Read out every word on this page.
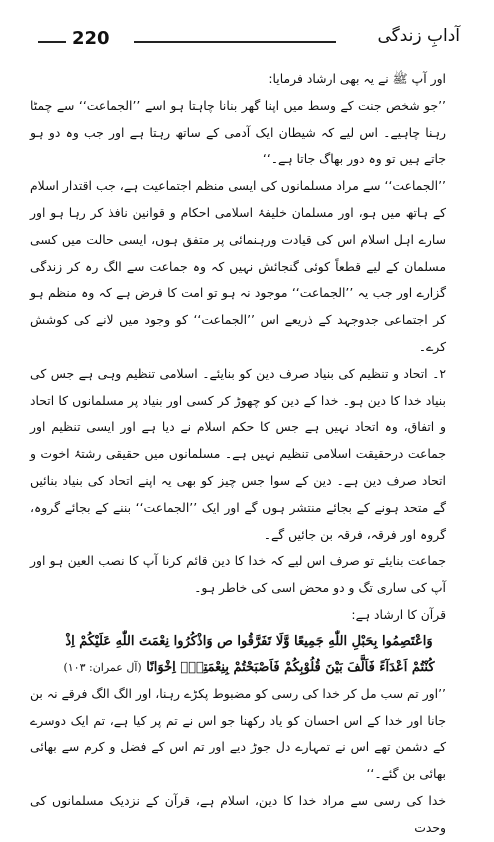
220	آدابِ زندگی

اور آپ ﷺ نے یہ بھی ارشاد فرمایا:

’’جو شخص جنت کے وسط میں اپنا گھر بنانا چاہتا ہو اسے ’’الجماعت‘‘ سے چمٹا رہنا چاہیے۔ اس لیے کہ شیطان ایک آدمی کے ساتھ رہتا ہے اور جب وہ دو ہو جاتے ہیں تو وہ دور بھاگ جاتا ہے۔‘‘

’’الجماعت‘‘ سے مراد مسلمانوں کی ایسی منظم اجتماعیت ہے، جب اقتدار اسلام کے ہاتھ میں ہو، اور مسلمان خلیفۂ اسلامی احکام و قوانین نافذ کر رہا ہو اور سارے اہل اسلام اس کی قیادت ورہنمائی پر متفق ہوں، ایسی حالت میں کسی مسلمان کے لیے قطعاً کوئی گنجائش نہیں کہ وہ جماعت سے الگ رہ کر زندگی گزارے اور جب یہ ’’الجماعت‘‘ موجود نہ ہو تو امت کا فرض ہے کہ وہ منظم ہو کر اجتماعی جدوجہد کے ذریعے اس ’’الجماعت‘‘ کو وجود میں لانے کی کوشش کرے۔

۲۔ اتحاد و تنظیم کی بنیاد صرف دین کو بنایئے۔ اسلامی تنظیم وہی ہے جس کی بنیاد خدا کا دین ہو۔ خدا کے دین کو چھوڑ کر کسی اور بنیاد پر مسلمانوں کا اتحاد و اتفاق، وہ اتحاد نہیں ہے جس کا حکم اسلام نے دیا ہے اور ایسی تنظیم اور جماعت درحقیقت اسلامی تنظیم نہیں ہے۔ مسلمانوں میں حقیقی رشتۂ اخوت و اتحاد صرف دین ہے۔ دین کے سوا جس چیز کو بھی یہ اپنے اتحاد کی بنیاد بنائیں گے متحد ہونے کے بجائے منتشر ہوں گے اور ایک ’’الجماعت‘‘ بننے کے بجائے گروہ، گروہ اور فرقہ، فرقہ بن جائیں گے۔

جماعت بنایئے تو صرف اس لیے کہ خدا کا دین قائم کرنا آپ کا نصب العین ہو اور آپ کی ساری تگ و دو محض اسی کی خاطر ہو۔

قرآن کا ارشاد ہے:

وَاعْتَصِمُوا بِحَبْلِ اللّٰهِ جَمِيعًا وَّلَا تَفَرَّقُوا ص وَاذْكُرُوا نِعْمَتَ اللّٰهِ عَلَيْكُمْ اِذْ

كُنْتُمْ اَعْدَآءً فَاَلَّفَ بَيْنَ قُلُوْبِكُمْ فَاَصْبَحْتُمْ بِنِعْمَتِهٖۤ اِخْوَانًا (آل عمران: ۱۰۳)

’’اور تم سب مل کر خدا کی رسی کو مضبوط پکڑے رہنا، اور الگ الگ فرقے نہ بن جانا اور خدا کے اس احسان کو یاد رکھنا جو اس نے تم پر کیا ہے، تم ایک دوسرے کے دشمن تھے اس نے تمہارے دل جوڑ دیے اور تم اس کے فضل و کرم سے بھائی بھائی بن گئے۔‘‘

خدا کی رسی سے مراد خدا کا دین، اسلام ہے، قرآن کے نزدیک مسلمانوں کی وحدت
